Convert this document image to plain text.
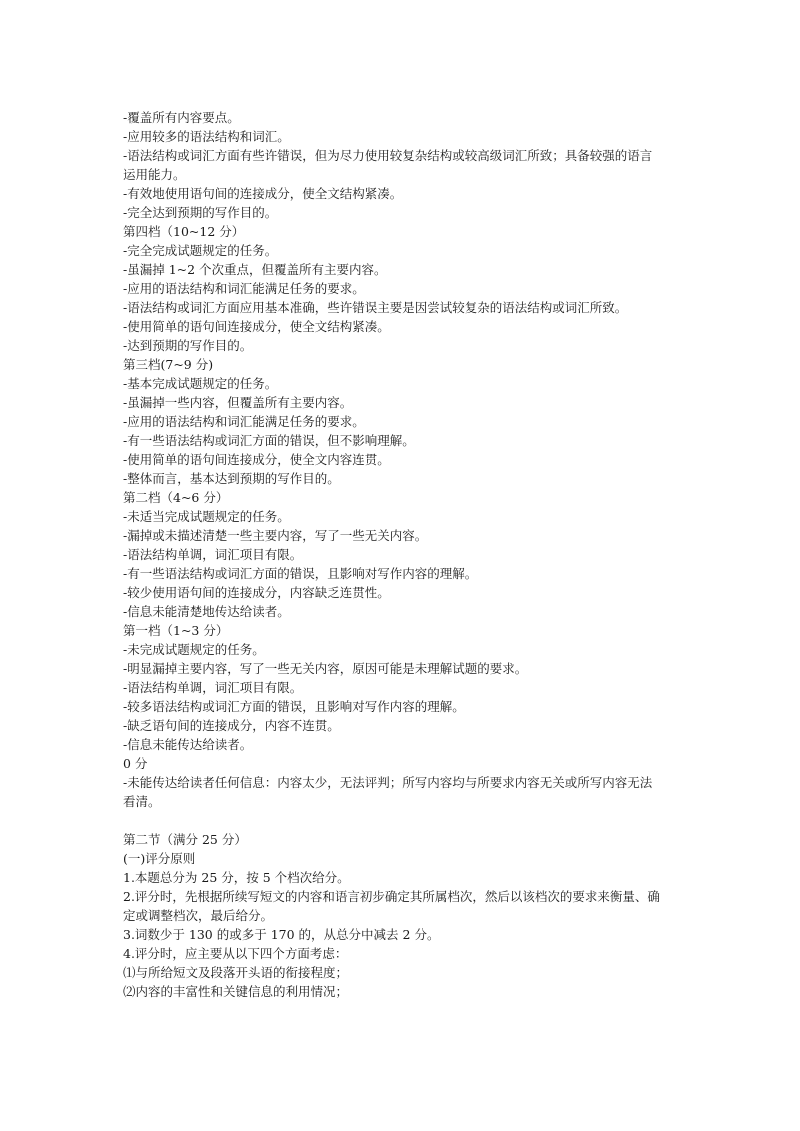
-覆盖所有内容要点。

-应用较多的语法结构和词汇。

-语法结构或词汇方面有些许错误，但为尽力使用较复杂结构或较高级词汇所致；具备较强的语言

运用能力。

-有效地使用语句间的连接成分，使全文结构紧凑。

-完全达到预期的写作目的。

第四档（10~12 分）

-完全完成试题规定的任务。

-虽漏掉 1~2 个次重点，但覆盖所有主要内容。

-应用的语法结构和词汇能满足任务的要求。

-语法结构或词汇方面应用基本准确，些许错误主要是因尝试较复杂的语法结构或词汇所致。

-使用简单的语句间连接成分，使全文结构紧凑。

-达到预期的写作目的。

第三档(7~9 分)

-基本完成试题规定的任务。

-虽漏掉一些内容，但覆盖所有主要内容。

-应用的语法结构和词汇能满足任务的要求。

-有一些语法结构或词汇方面的错误，但不影响理解。

-使用简单的语句间连接成分，使全文内容连贯。

-整体而言，基本达到预期的写作目的。

第二档（4~6 分）

-未适当完成试题规定的任务。

-漏掉或未描述清楚一些主要内容，写了一些无关内容。

-语法结构单调，词汇项目有限。

-有一些语法结构或词汇方面的错误，且影响对写作内容的理解。

-较少使用语句间的连接成分，内容缺乏连贯性。

-信息未能清楚地传达给读者。

第一档（1~3 分）

-未完成试题规定的任务。

-明显漏掉主要内容，写了一些无关内容，原因可能是未理解试题的要求。

-语法结构单调，词汇项目有限。

-较多语法结构或词汇方面的错误，且影响对写作内容的理解。

-缺乏语句间的连接成分，内容不连贯。

-信息未能传达给读者。

0 分

-未能传达给读者任何信息：内容太少，无法评判；所写内容均与所要求内容无关或所写内容无法

看清。

第二节（满分 25 分）

(一)评分原则

1.本题总分为 25 分，按 5 个档次给分。

2.评分时，先根据所续写短文的内容和语言初步确定其所属档次，然后以该档次的要求来衡量、确

定或调整档次，最后给分。

3.词数少于 130 的或多于 170 的，从总分中减去 2 分。

4.评分时，应主要从以下四个方面考虑：

⑴与所给短文及段落开头语的衔接程度；

⑵内容的丰富性和关键信息的利用情况；
